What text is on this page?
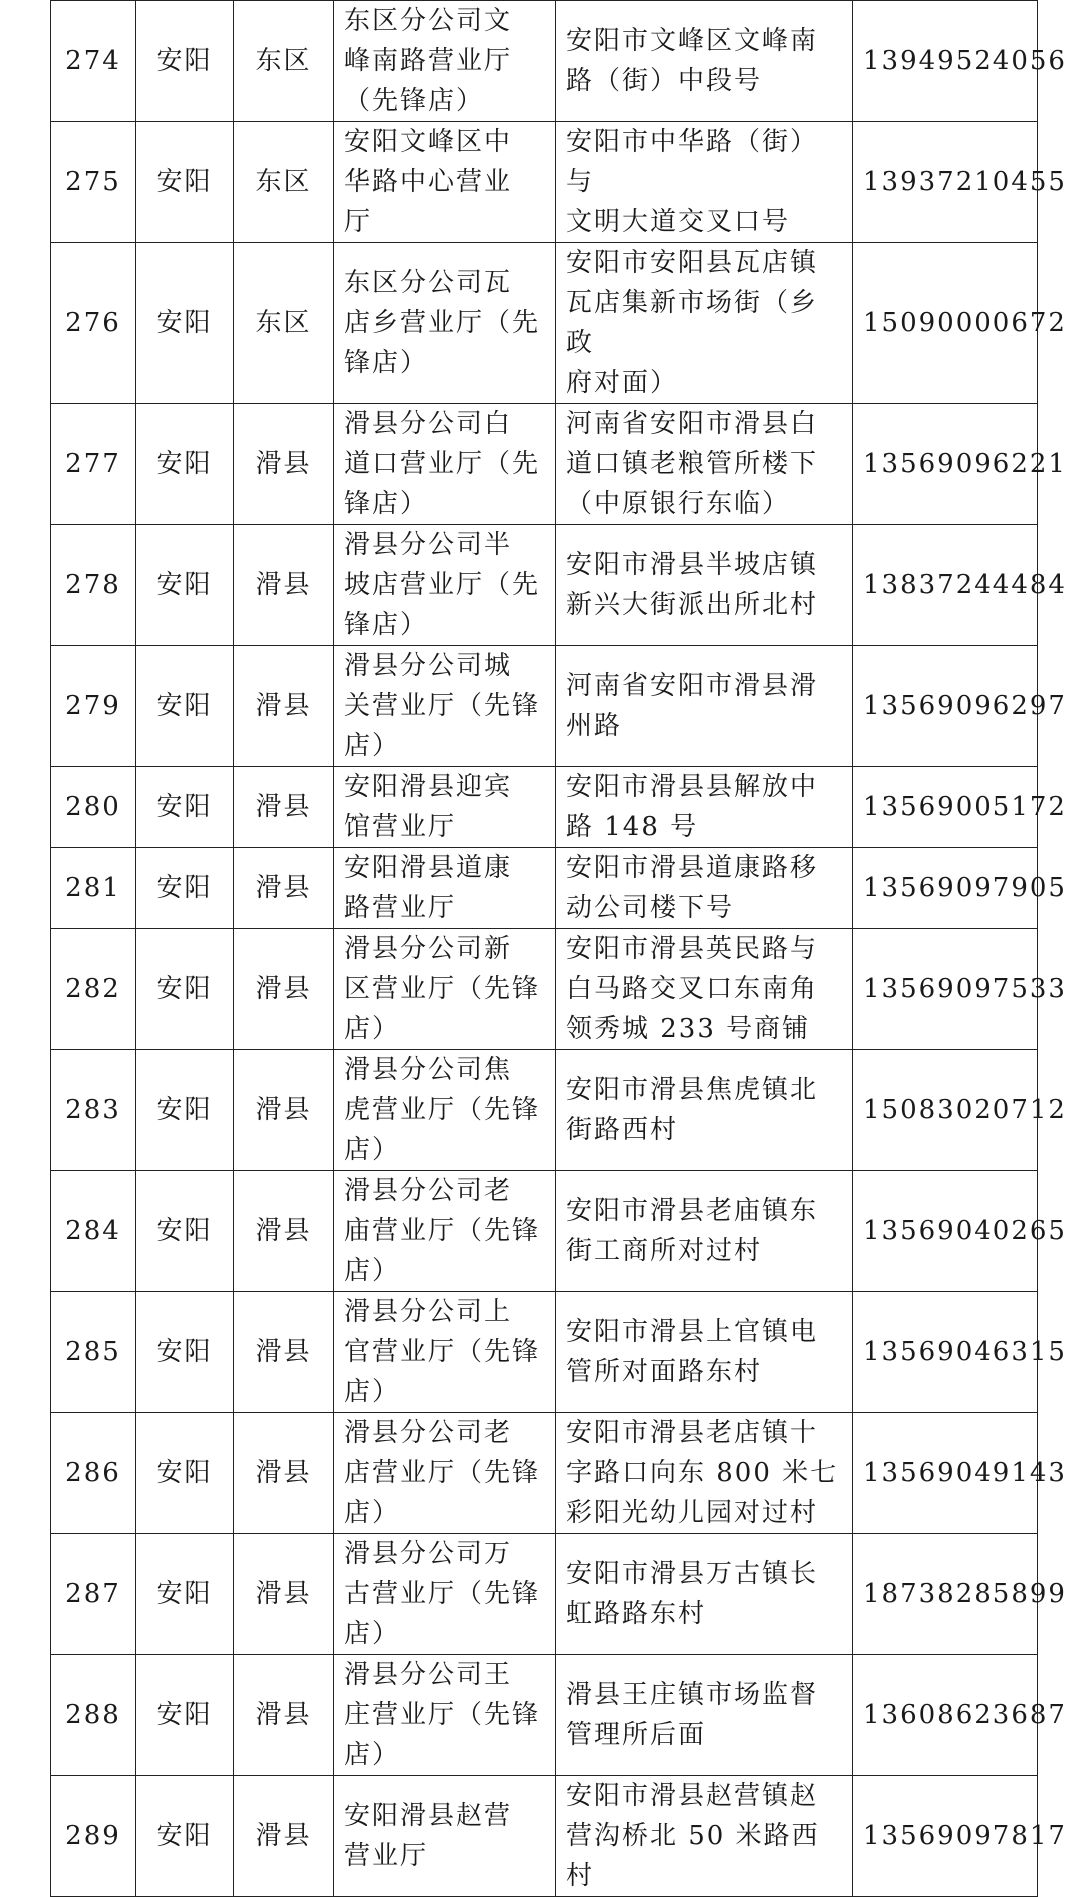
274	安阳	东区	东区分公司文
峰南路营业厅
（先锋店）	安阳市文峰区文峰南
路（街）中段号	13949524056
275	安阳	东区	安阳文峰区中
华路中心营业
厅	安阳市中华路（街）与
文明大道交叉口号	13937210455
276	安阳	东区	东区分公司瓦
店乡营业厅（先
锋店）	安阳市安阳县瓦店镇
瓦店集新市场街（乡政
府对面）	15090000672
277	安阳	滑县	滑县分公司白
道口营业厅（先
锋店）	河南省安阳市滑县白
道口镇老粮管所楼下
（中原银行东临）	13569096221
278	安阳	滑县	滑县分公司半
坡店营业厅（先
锋店）	安阳市滑县半坡店镇
新兴大街派出所北村	13837244484
279	安阳	滑县	滑县分公司城
关营业厅（先锋
店）	河南省安阳市滑县滑
州路	13569096297
280	安阳	滑县	安阳滑县迎宾
馆营业厅	安阳市滑县县解放中
路 148 号	13569005172
281	安阳	滑县	安阳滑县道康
路营业厅	安阳市滑县道康路移
动公司楼下号	13569097905
282	安阳	滑县	滑县分公司新
区营业厅（先锋
店）	安阳市滑县英民路与
白马路交叉口东南角
领秀城 233 号商铺	13569097533
283	安阳	滑县	滑县分公司焦
虎营业厅（先锋
店）	安阳市滑县焦虎镇北
街路西村	15083020712
284	安阳	滑县	滑县分公司老
庙营业厅（先锋
店）	安阳市滑县老庙镇东
街工商所对过村	13569040265
285	安阳	滑县	滑县分公司上
官营业厅（先锋
店）	安阳市滑县上官镇电
管所对面路东村	13569046315
286	安阳	滑县	滑县分公司老
店营业厅（先锋
店）	安阳市滑县老店镇十
字路口向东 800 米七
彩阳光幼儿园对过村	13569049143
287	安阳	滑县	滑县分公司万
古营业厅（先锋
店）	安阳市滑县万古镇长
虹路路东村	18738285899
288	安阳	滑县	滑县分公司王
庄营业厅（先锋
店）	滑县王庄镇市场监督
管理所后面	13608623687
289	安阳	滑县	安阳滑县赵营
营业厅	安阳市滑县赵营镇赵
营沟桥北 50 米路西村	13569097817
